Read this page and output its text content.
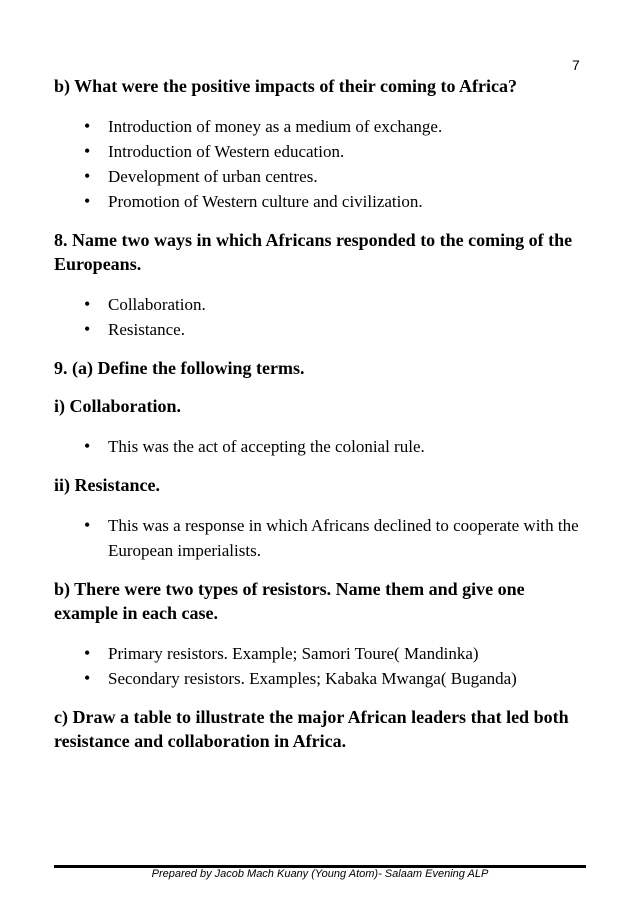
7

b) What were the positive impacts of their coming to Africa?

• Introduction of money as a medium of exchange.
• Introduction of Western education.
• Development of urban centres.
• Promotion of Western culture and civilization.

8. Name two ways in which Africans responded to the coming of the Europeans.

• Collaboration.
• Resistance.

9. (a) Define the following terms.

i) Collaboration.

• This was the act of accepting the colonial rule.

ii) Resistance.

• This was a response in which Africans declined to cooperate with the European imperialists.

b) There were two types of resistors. Name them and give one example in each case.

• Primary resistors. Example; Samori Toure( Mandinka)
• Secondary resistors. Examples; Kabaka Mwanga( Buganda)

c) Draw a table to illustrate the major African leaders that led both resistance and collaboration in Africa.

Prepared by Jacob Mach Kuany (Young Atom)- Salaam Evening ALP
